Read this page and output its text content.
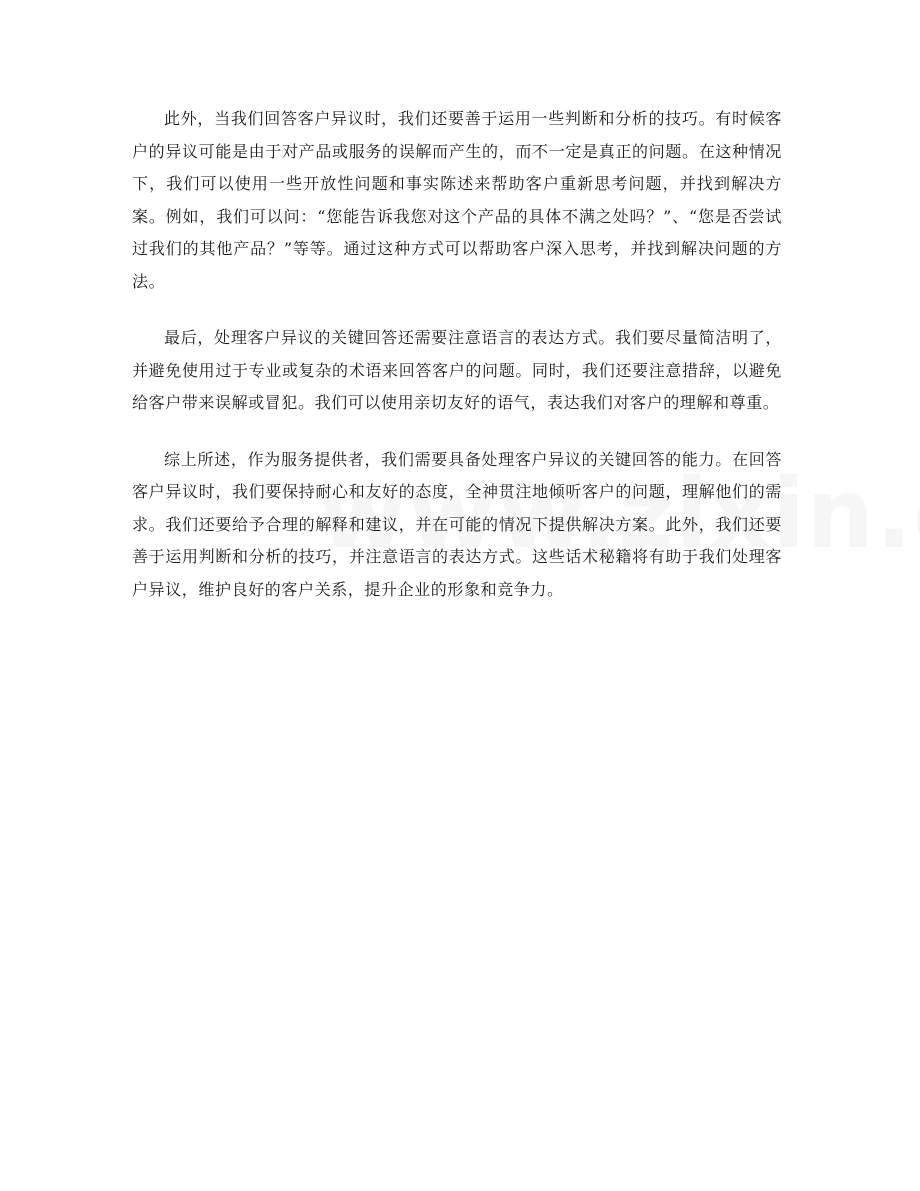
此外，当我们回答客户异议时，我们还要善于运用一些判断和分析的技巧。有时候客户的异议可能是由于对产品或服务的误解而产生的，而不一定是真正的问题。在这种情况下，我们可以使用一些开放性问题和事实陈述来帮助客户重新思考问题，并找到解决方案。例如，我们可以问：“您能告诉我您对这个产品的具体不满之处吗？”、“您是否尝试过我们的其他产品？”等等。通过这种方式可以帮助客户深入思考，并找到解决问题的方法。

最后，处理客户异议的关键回答还需要注意语言的表达方式。我们要尽量简洁明了，并避免使用过于专业或复杂的术语来回答客户的问题。同时，我们还要注意措辞，以避免给客户带来误解或冒犯。我们可以使用亲切友好的语气，表达我们对客户的理解和尊重。

综上所述，作为服务提供者，我们需要具备处理客户异议的关键回答的能力。在回答客户异议时，我们要保持耐心和友好的态度，全神贯注地倾听客户的问题，理解他们的需求。我们还要给予合理的解释和建议，并在可能的情况下提供解决方案。此外，我们还要善于运用判断和分析的技巧，并注意语言的表达方式。这些话术秘籍将有助于我们处理客户异议，维护良好的客户关系，提升企业的形象和竞争力。
